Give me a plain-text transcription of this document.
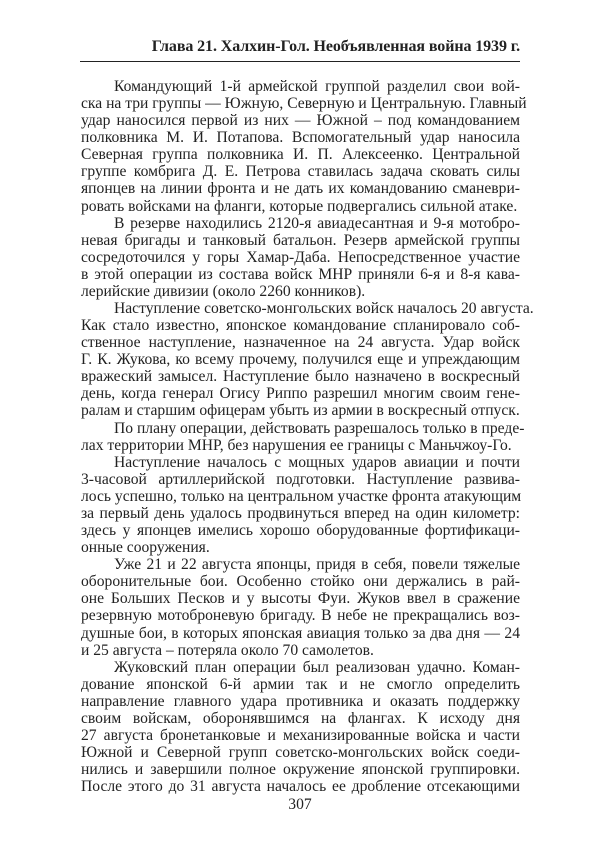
Глава 21. Халхин-Гол. Необъявленная война 1939 г.
Командующий 1-й армейской группой разделил свои вой-
ска на три группы — Южную, Северную и Центральную. Главный
удар наносился первой из них — Южной – под командованием
полковника М. И. Потапова. Вспомогательный удар наносила
Северная группа полковника И. П. Алексеенко. Центральной
группе комбрига Д. Е. Петрова ставилась задача сковать силы
японцев на линии фронта и не дать их командованию сманеври-
ровать войсками на фланги, которые подвергались сильной атаке.
В резерве находились 2120-я авиадесантная и 9-я мотобро-
невая бригады и танковый батальон. Резерв армейской группы
сосредоточился у горы Хамар-Даба. Непосредственное участие
в этой операции из состава войск МНР приняли 6-я и 8-я кава-
лерийские дивизии (около 2260 конников).
Наступление советско-монгольских войск началось 20 августа.
Как стало известно, японское командование спланировало соб-
ственное наступление, назначенное на 24 августа. Удар войск
Г. К. Жукова, ко всему прочему, получился еще и упреждающим
вражеский замысел. Наступление было назначено в воскресный
день, когда генерал Огису Риппо разрешил многим своим гене-
ралам и старшим офицерам убыть из армии в воскресный отпуск.
По плану операции, действовать разрешалось только в преде-
лах территории МНР, без нарушения ее границы с Маньчжоу-Го.
Наступление началось с мощных ударов авиации и почти
3-часовой артиллерийской подготовки. Наступление развива-
лось успешно, только на центральном участке фронта атакующим
за первый день удалось продвинуться вперед на один километр:
здесь у японцев имелись хорошо оборудованные фортификаци-
онные сооружения.
Уже 21 и 22 августа японцы, придя в себя, повели тяжелые
оборонительные бои. Особенно стойко они держались в рай-
оне Больших Песков и у высоты Фуи. Жуков ввел в сражение
резервную мотоброневую бригаду. В небе не прекращались воз-
душные бои, в которых японская авиация только за два дня — 24
и 25 августа – потеряла около 70 самолетов.
Жуковский план операции был реализован удачно. Коман-
дование японской 6-й армии так и не смогло определить
направление главного удара противника и оказать поддержку
своим войскам, оборонявшимся на флангах. К исходу дня
27 августа бронетанковые и механизированные войска и части
Южной и Северной групп советско-монгольских войск соеди-
нились и завершили полное окружение японской группировки.
После этого до 31 августа началось ее дробление отсекающими
307
